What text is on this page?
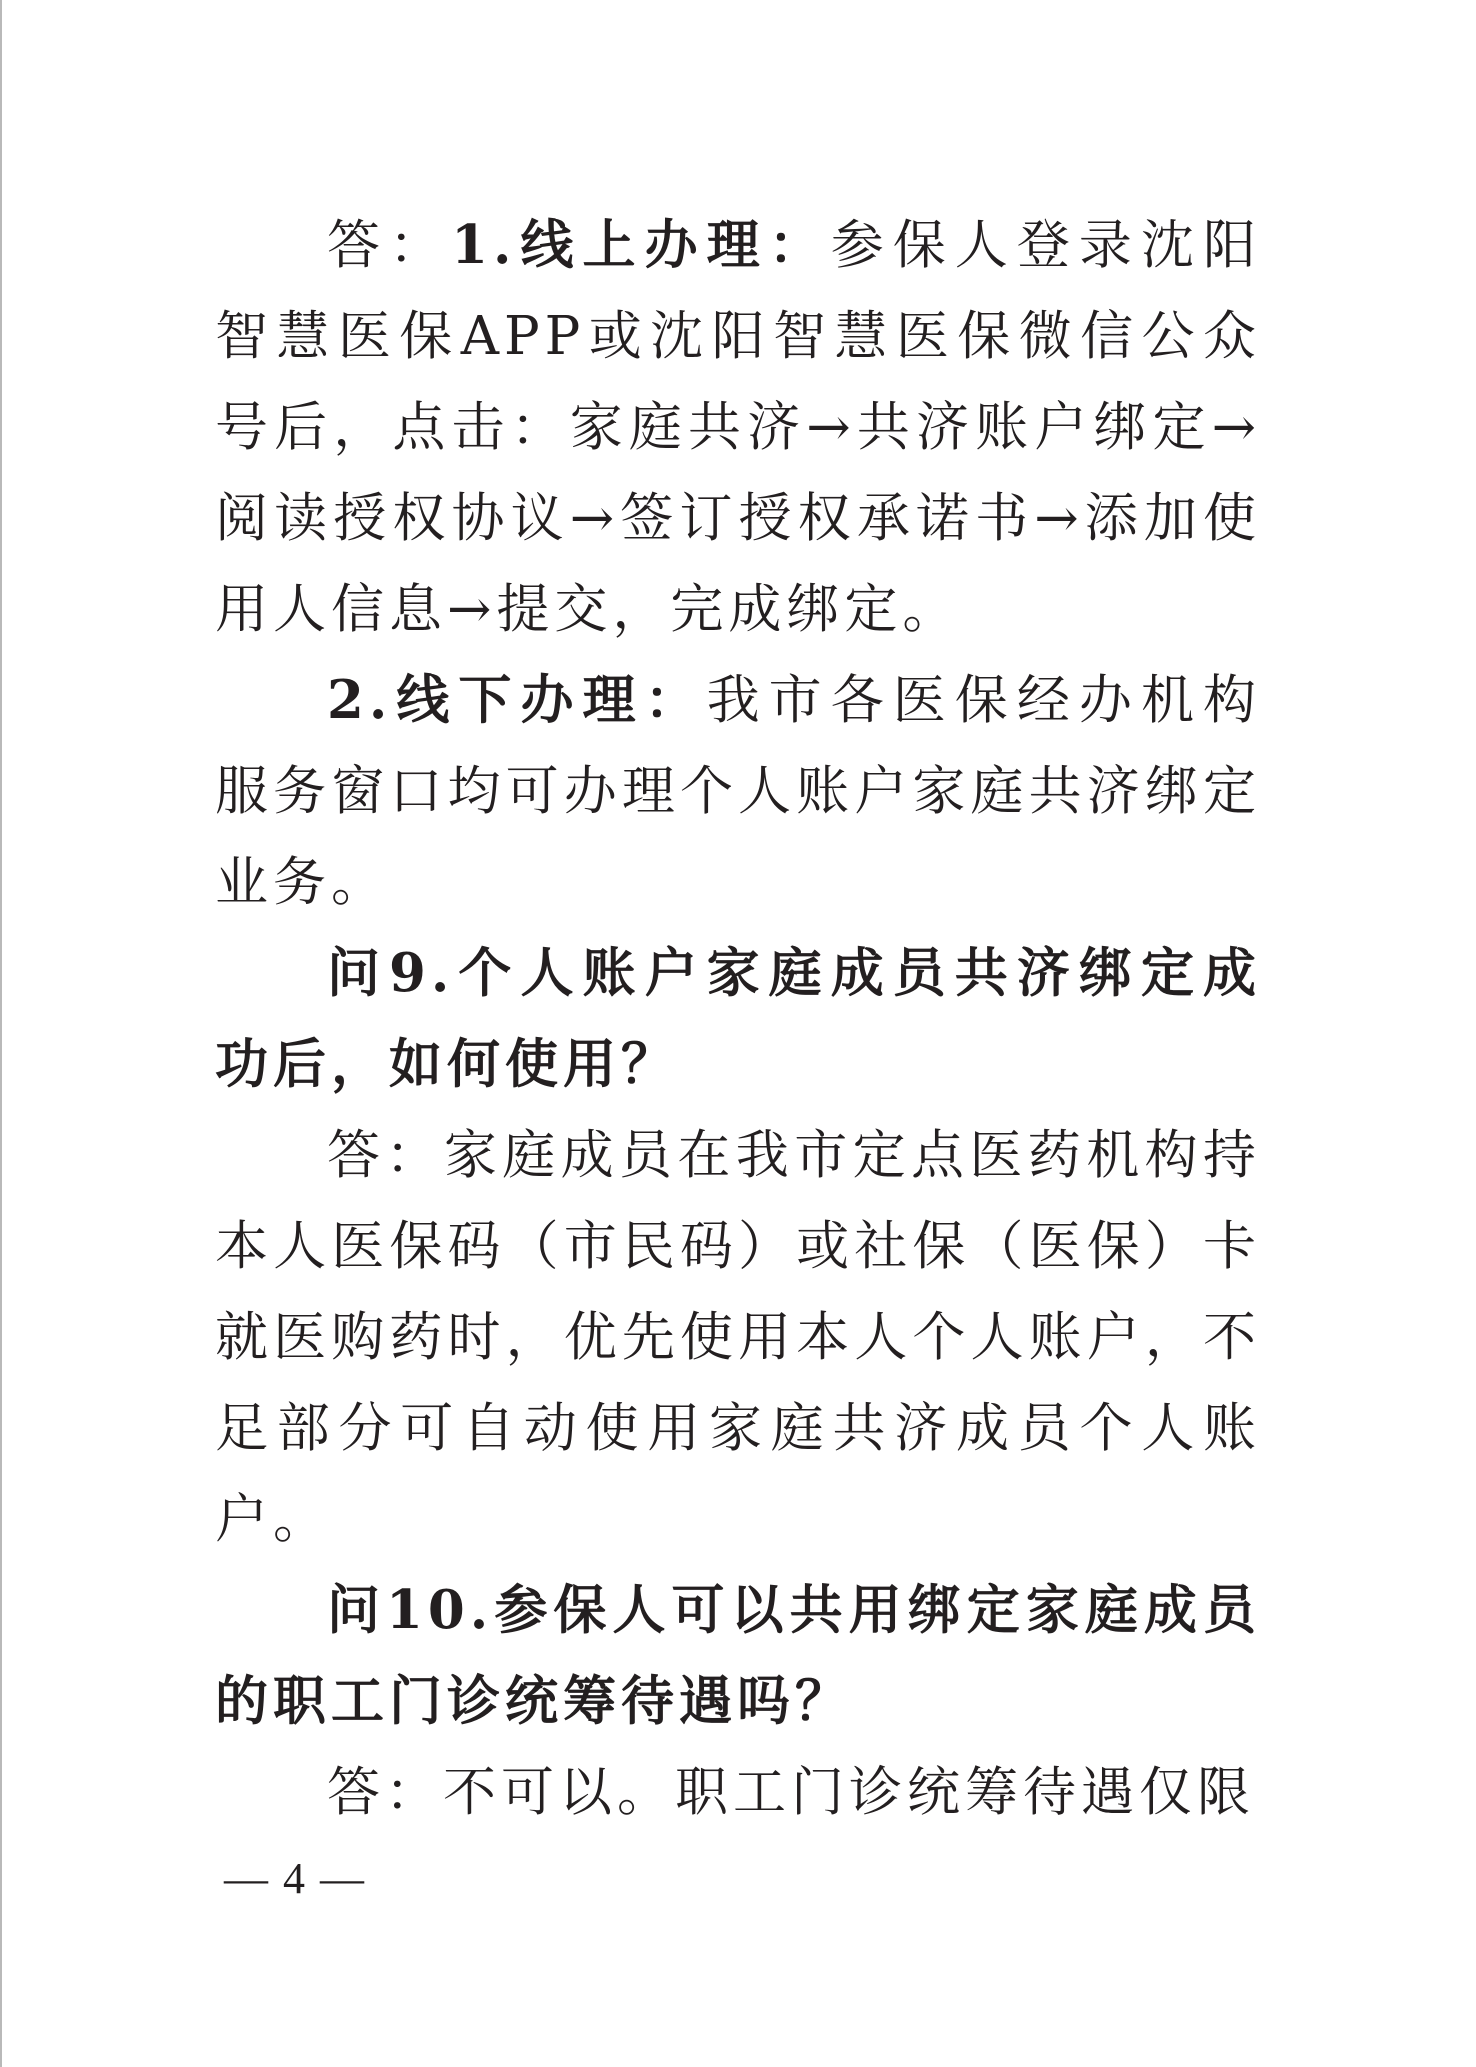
答：1.线上办理：参保人登录沈阳智慧医保APP或沈阳智慧医保微信公众号后，点击：家庭共济→共济账户绑定→阅读授权协议→签订授权承诺书→添加使用人信息→提交，完成绑定。

2.线下办理：我市各医保经办机构服务窗口均可办理个人账户家庭共济绑定业务。

问9.个人账户家庭成员共济绑定成功后，如何使用？

答：家庭成员在我市定点医药机构持本人医保码（市民码）或社保（医保）卡就医购药时，优先使用本人个人账户，不足部分可自动使用家庭共济成员个人账户。

问10.参保人可以共用绑定家庭成员的职工门诊统筹待遇吗？

答：不可以。职工门诊统筹待遇仅限

— 4 —
